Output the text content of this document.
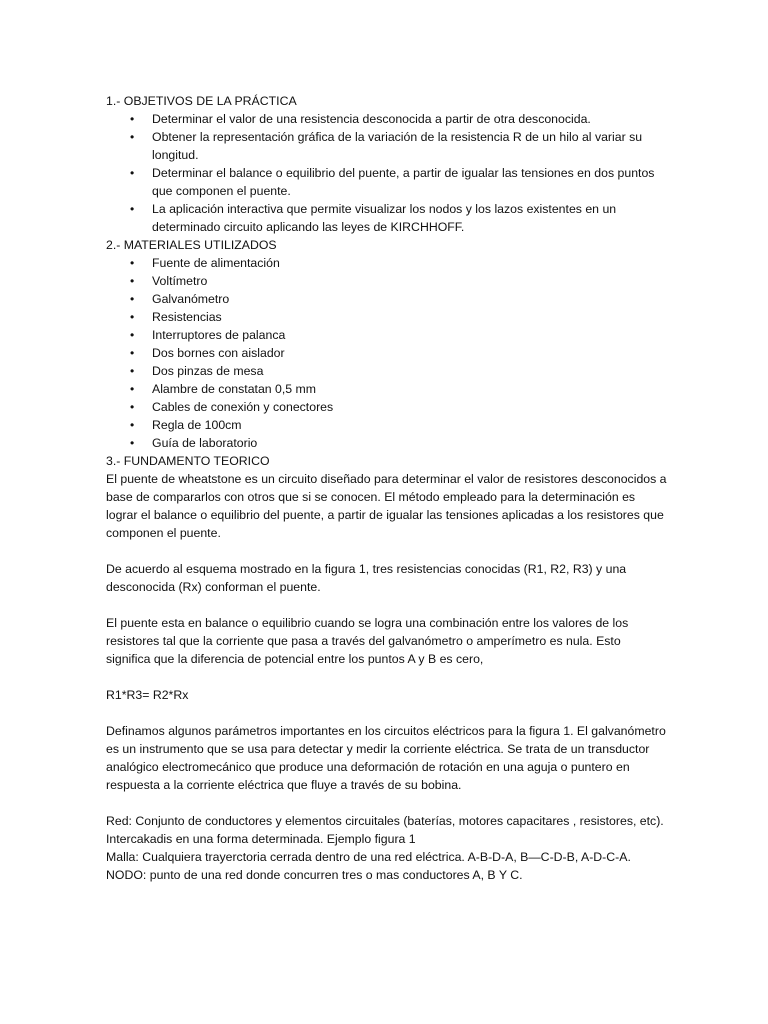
1.- OBJETIVOS DE LA PRÁCTICA
• Determinar el valor de una resistencia desconocida a partir de otra desconocida.
• Obtener la representación gráfica de la variación de la resistencia R de un hilo al variar su longitud.
• Determinar el balance o equilibrio del puente, a partir de igualar las tensiones en dos puntos que componen el puente.
• La aplicación interactiva que permite visualizar los nodos y los lazos existentes en un determinado circuito aplicando las leyes de KIRCHHOFF.
2.- MATERIALES UTILIZADOS
• Fuente de alimentación
• Voltímetro
• Galvanómetro
• Resistencias
• Interruptores de palanca
• Dos bornes con aislador
• Dos pinzas de mesa
• Alambre de constatan 0,5 mm
• Cables de conexión y conectores
• Regla de 100cm
• Guía de laboratorio
3.- FUNDAMENTO TEORICO

El puente de wheatstone es un circuito diseñado para determinar el valor de resistores desconocidos a base de compararlos con otros que si se conocen. El método empleado para la determinación es lograr el balance o equilibrio del puente, a partir de igualar las tensiones aplicadas a los resistores que componen el puente.

De acuerdo al esquema mostrado en la figura 1, tres resistencias conocidas (R1, R2, R3) y una desconocida (Rx) conforman el puente.

El puente esta en balance o equilibrio cuando se logra una combinación entre los valores de los resistores tal que la corriente que pasa a través del galvanómetro o amperímetro es nula. Esto significa que la diferencia de potencial entre los puntos A y B es cero,

R1*R3= R2*Rx

Definamos algunos parámetros importantes en los circuitos eléctricos para la figura 1. El galvanómetro es un instrumento que se usa para detectar y medir la corriente eléctrica. Se trata de un transductor analógico electromecánico que produce una deformación de rotación en una aguja o puntero en respuesta a la corriente eléctrica que fluye a través de su bobina.

Red: Conjunto de conductores y elementos circuitales (baterías, motores capacitares , resistores, etc). Intercakadis en una forma determinada. Ejemplo figura 1

Malla: Cualquiera trayerctoria cerrada dentro de una red eléctrica. A-B-D-A, B—C-D-B, A-D-C-A.

NODO: punto de una red donde concurren tres o mas conductores A, B Y C.
